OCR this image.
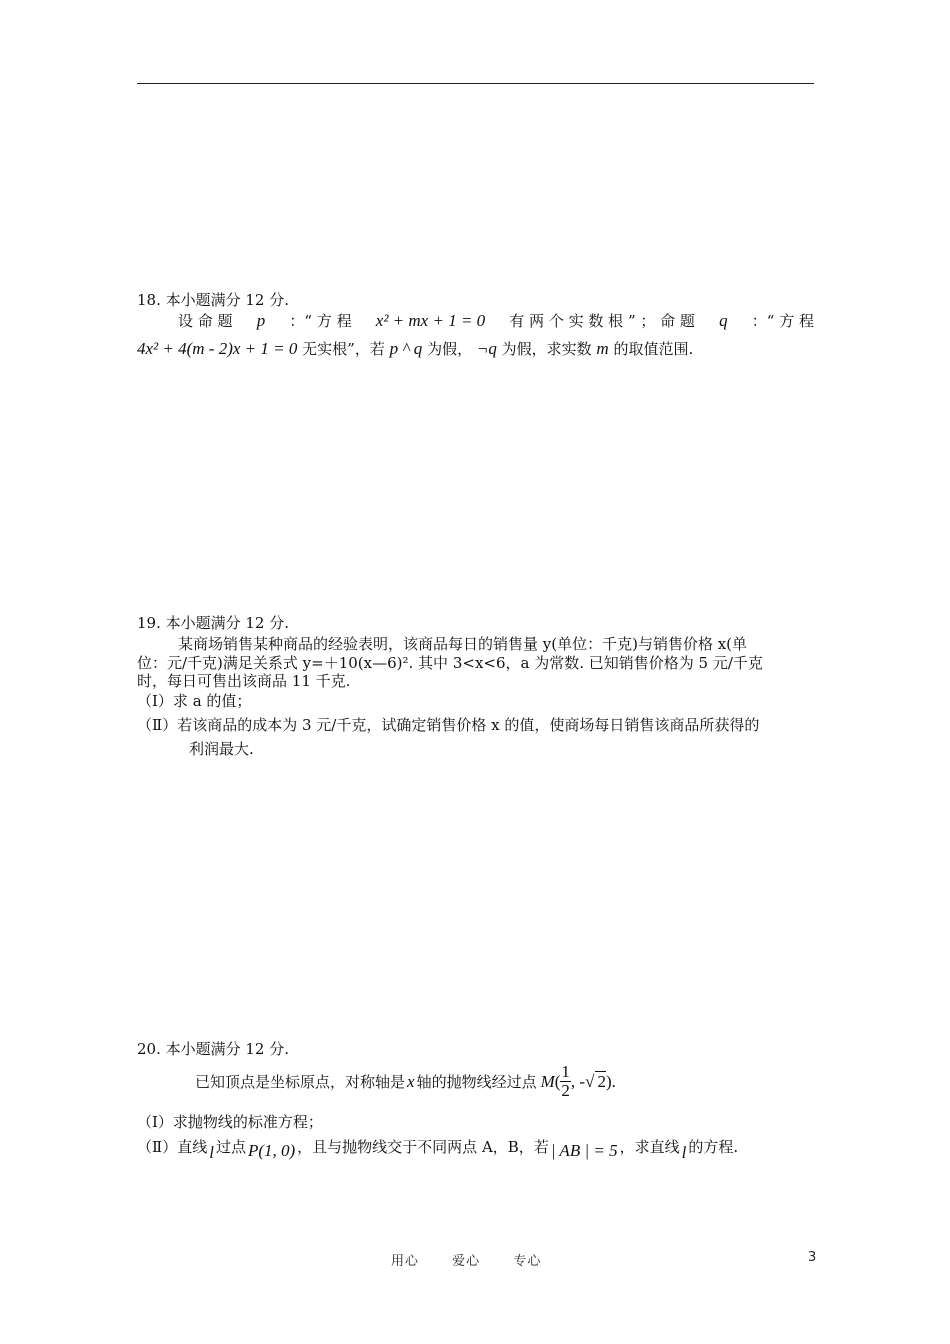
18. 本小题满分 12 分.
设 命 题 p ：“ 方 程 x² + mx + 1 = 0 有 两 个 实 数 根 ” ； 命 题 q ：“ 方 程
4x² + 4(m - 2)x + 1 = 0 无实根”，若 p ^ q 为假， ¬q 为假，求实数 m 的取值范围.
19. 本小题满分 12 分.
某商场销售某种商品的经验表明，该商品每日的销售量 y(单位：千克)与销售价格 x(单
位：元/千克)满足关系式 y=＋10(x—6)². 其中 3<x<6，a 为常数. 已知销售价格为 5 元/千克
时，每日可售出该商品 11 千克.
（Ⅰ）求 a 的值；
（Ⅱ）若该商品的成本为 3 元/千克，试确定销售价格 x 的值，使商场每日销售该商品所获得的
利润最大.
20. 本小题满分 12 分.
已知顶点是坐标原点，对称轴是 x 轴的抛物线经过点 M ( $\frac{1}{2}$ , - √ 2 ).
（Ⅰ）求抛物线的标准方程；
（Ⅱ）直线 l 过点 P(1, 0) ，且与抛物线交于不同两点 A，B，若 | AB | = 5 ，求直线 l 的方程.
用心	爱心	专心	3
